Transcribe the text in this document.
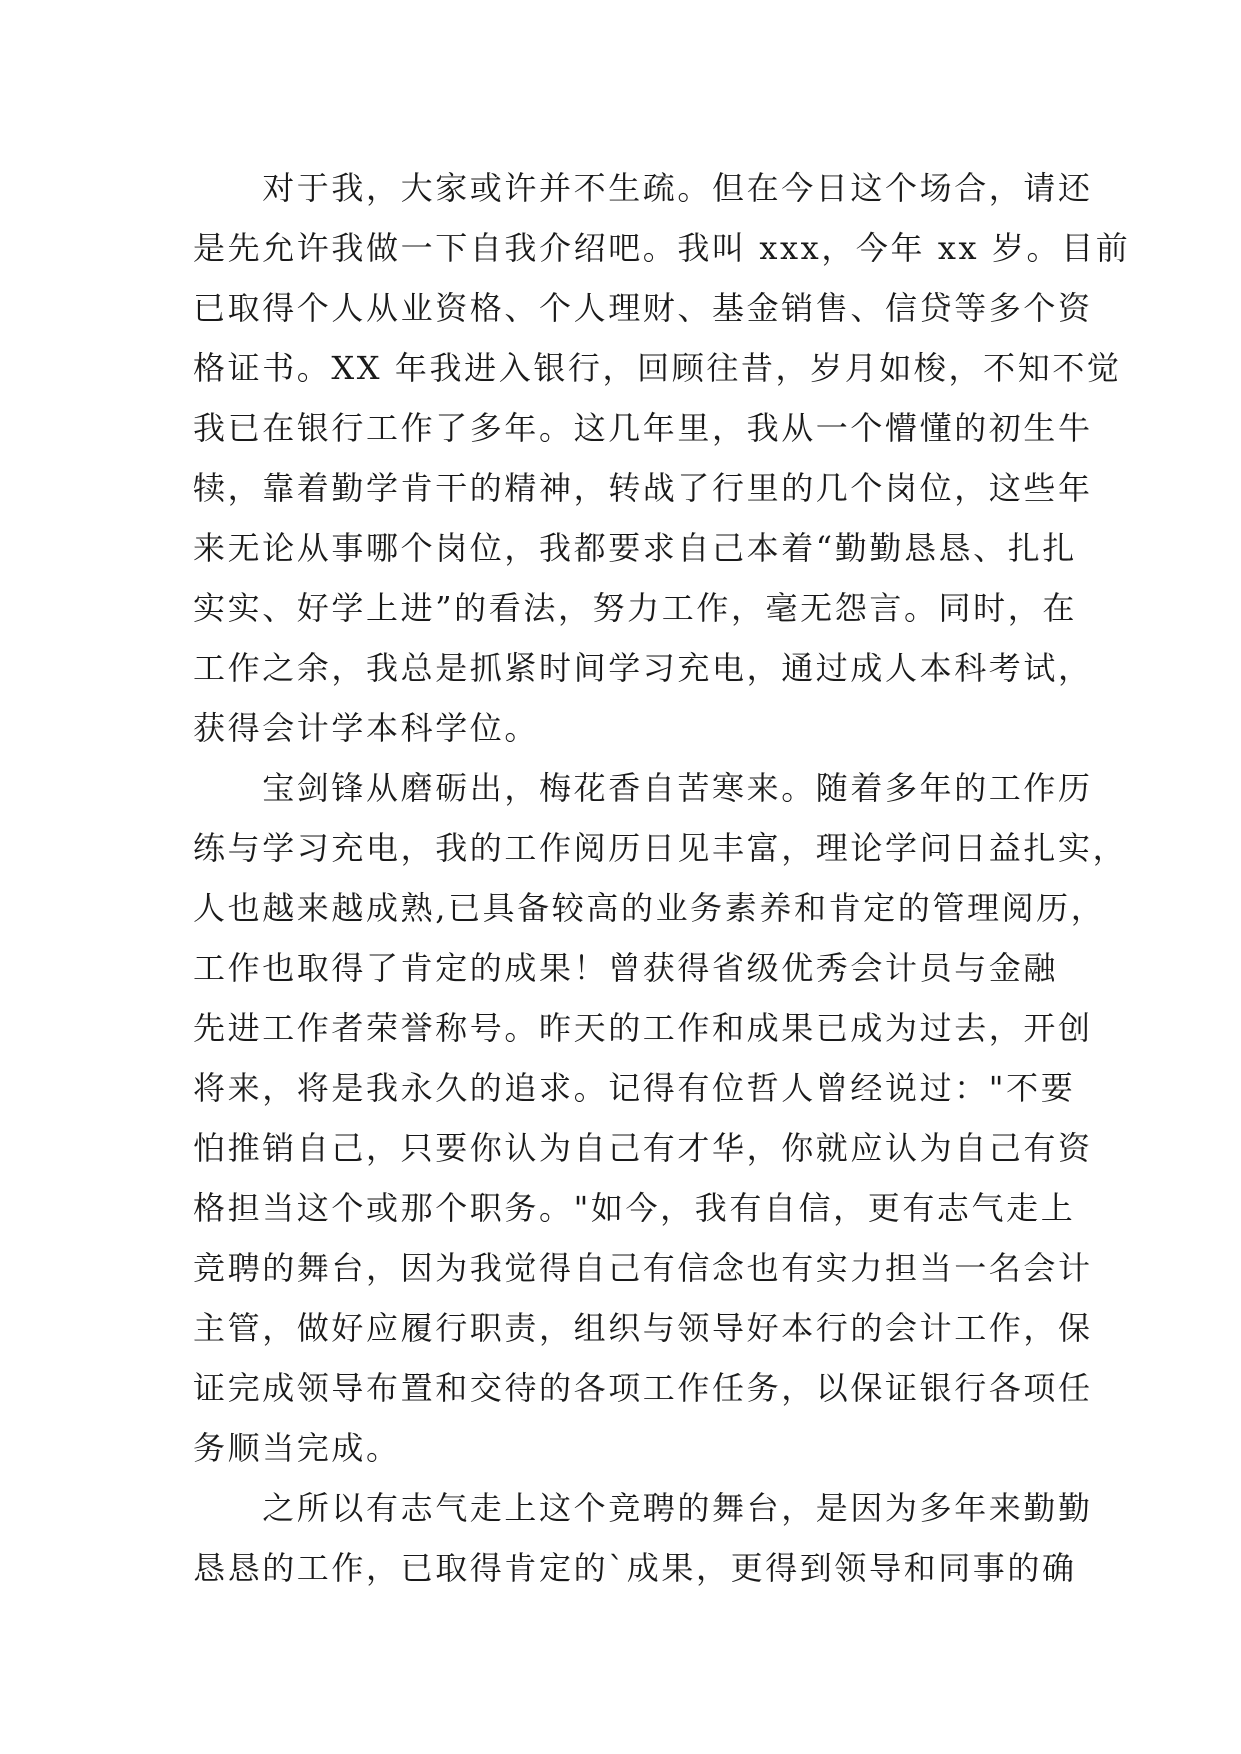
　　对于我，大家或许并不生疏。但在今日这个场合，请还
是先允许我做一下自我介绍吧。我叫 xxx，今年 xx 岁。目前
已取得个人从业资格、个人理财、基金销售、信贷等多个资
格证书。XX 年我进入银行，回顾往昔，岁月如梭，不知不觉
我已在银行工作了多年。这几年里，我从一个懵懂的初生牛
犊，靠着勤学肯干的精神，转战了行里的几个岗位，这些年
来无论从事哪个岗位，我都要求自己本着“勤勤恳恳、扎扎
实实、好学上进”的看法，努力工作，毫无怨言。同时，在
工作之余，我总是抓紧时间学习充电，通过成人本科考试，
获得会计学本科学位。
　　宝剑锋从磨砺出，梅花香自苦寒来。随着多年的工作历
练与学习充电，我的工作阅历日见丰富，理论学问日益扎实，
人也越来越成熟,已具备较高的业务素养和肯定的管理阅历，
工作也取得了肯定的成果！曾获得省级优秀会计员与金融
先进工作者荣誉称号。昨天的工作和成果已成为过去，开创
将来，将是我永久的追求。记得有位哲人曾经说过："不要
怕推销自己，只要你认为自己有才华，你就应认为自己有资
格担当这个或那个职务。"如今，我有自信，更有志气走上
竞聘的舞台，因为我觉得自己有信念也有实力担当一名会计
主管，做好应履行职责，组织与领导好本行的会计工作，保
证完成领导布置和交待的各项工作任务，以保证银行各项任
务顺当完成。
　　之所以有志气走上这个竞聘的舞台，是因为多年来勤勤
恳恳的工作，已取得肯定的`成果，更得到领导和同事的确
